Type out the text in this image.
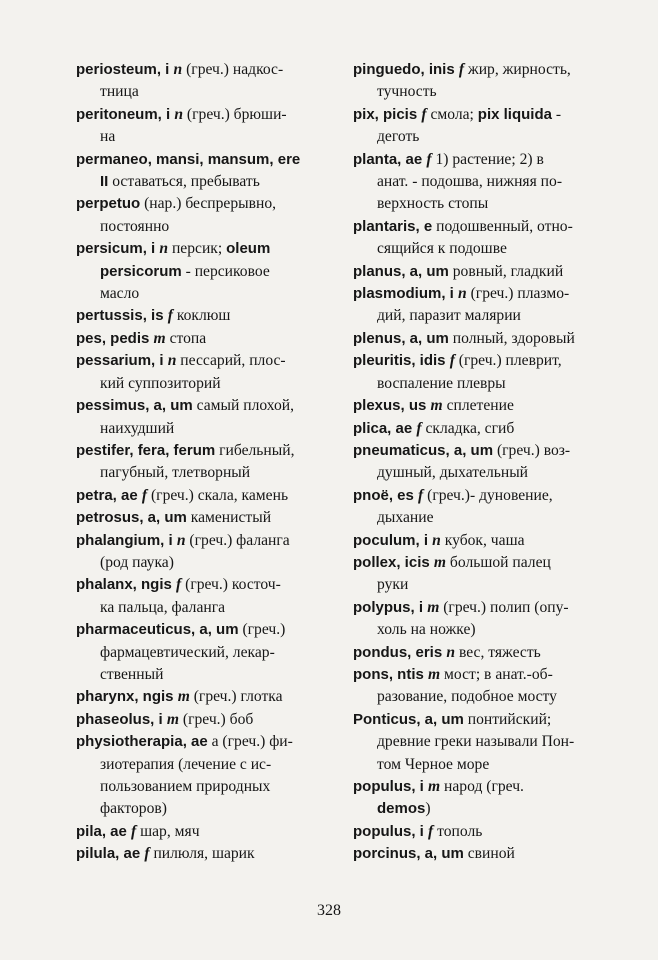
periosteum, i n (греч.) надкос-
тница
peritoneum, i n (греч.) брюши-
на
permaneo, mansi, mansum, ere
II оставаться, пребывать
perpetuo (нар.) беспрерывно,
постоянно
persicum, i n персик; oleum
persicorum - персиковое
масло
pertussis, is f коклюш
pes, pedis m стопа
pessarium, i n пессарий, плос-
кий суппозиторий
pessimus, a, um самый плохой,
наихудший
pestifer, fera, ferum гибельный,
пагубный, тлетворный
petra, ae f (греч.) скала, камень
petrosus, a, um каменистый
phalangium, i n (греч.) фаланга
(род паука)
phalanx, ngis f (греч.) косточ-
ка пальца, фаланга
pharmaceuticus, a, um (греч.)
фармацевтический, лекар-
ственный
pharynx, ngis m (греч.) глотка
phaseolus, i m (греч.) боб
physiotherapia, ae а (греч.) фи-
зиотерапия (лечение с ис-
пользованием природных
факторов)
pila, ae f шар, мяч
pilula, ae f пилюля, шарик
pinguedo, inis f жир, жирность,
тучность
pix, picis f смола; pix liquida -
деготь
planta, ae f 1) растение; 2) в
анат. - подошва, нижняя по-
верхность стопы
plantaris, e подошвенный, отно-
сящийся к подошве
planus, a, um ровный, гладкий
plasmodium, i n (греч.) плазмо-
дий, паразит малярии
plenus, a, um полный, здоровый
pleuritis, idis f (греч.) плеврит,
воспаление плевры
plexus, us m сплетение
plica, ae f складка, сгиб
pneumaticus, a, um (греч.) воз-
душный, дыхательный
pnoë, es f (греч.)- дуновение,
дыхание
poculum, i n кубок, чаша
pollex, icis m большой палец
руки
polypus, i m (греч.) полип (опу-
холь на ножке)
pondus, eris n вес, тяжесть
pons, ntis m мост; в анат.-об-
разование, подобное мосту
Ponticus, a, um понтийский;
древние греки называли Пон-
том Черное море
populus, i m народ (греч.
demos)
populus, i f тополь
porcinus, a, um свиной
328
